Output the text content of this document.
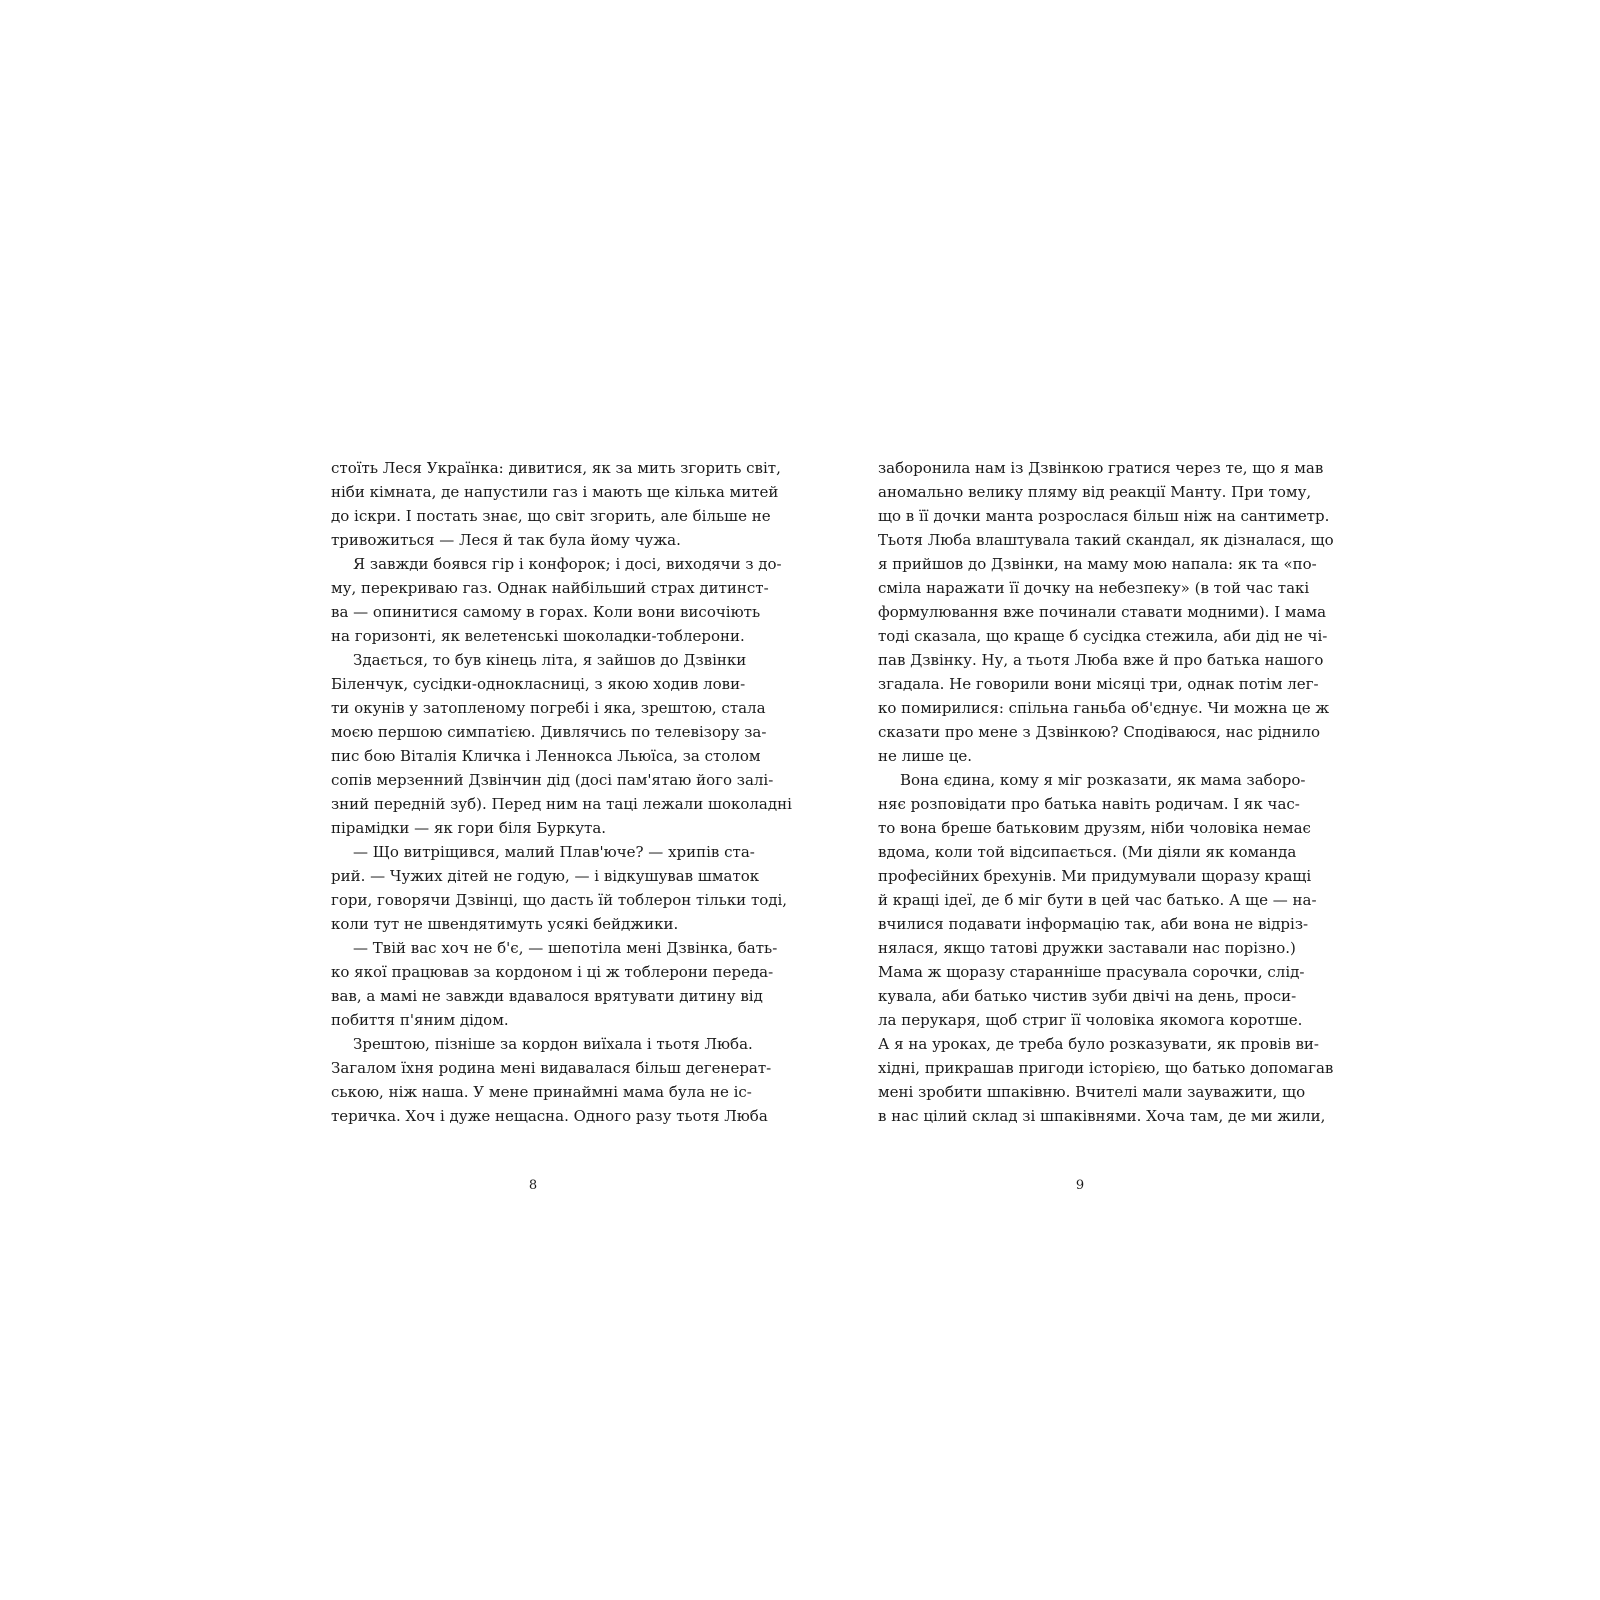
стоїть Леся Українка: дивитися, як за мить згорить світ,
ніби кімната, де напустили газ і мають ще кілька митей
до іскри. І постать знає, що світ згорить, але більше не
тривожиться — Леся й так була йому чужа.
Я завжди боявся гір і конфорок; і досі, виходячи з до-
му, перекриваю газ. Однак найбільший страх дитинст-
ва — опинитися самому в горах. Коли вони височіють
на горизонті, як велетенські шоколадки-тоблерони.
Здається, то був кінець літа, я зайшов до Дзвінки
Біленчук, сусідки-однокласниці, з якою ходив лови-
ти окунів у затопленому погребі і яка, зрештою, стала
моєю першою симпатією. Дивлячись по телевізору за-
пис бою Віталія Кличка і Леннокса Льюїса, за столом
сопів мерзенний Дзвінчин дід (досі пам'ятаю його залі-
зний передній зуб). Перед ним на таці лежали шоколадні
пірамідки — як гори біля Буркута.
— Що витріщився, малий Плав'юче? — хрипів ста-
рий. — Чужих дітей не годую, — і відкушував шматок
гори, говорячи Дзвінці, що дасть їй тоблерон тільки тоді,
коли тут не швендятимуть усякі бейджики.
— Твій вас хоч не б'є, — шепотіла мені Дзвінка, бать-
ко якої працював за кордоном і ці ж тоблерони переда-
вав, а мамі не завжди вдавалося врятувати дитину від
побиття п'яним дідом.
Зрештою, пізніше за кордон виїхала і тьотя Люба.
Загалом їхня родина мені видавалася більш дегенерат-
ською, ніж наша. У мене принаймні мама була не іс-
теричка. Хоч і дуже нещасна. Одного разу тьотя Люба
8
заборонила нам із Дзвінкою гратися через те, що я мав
аномально велику пляму від реакції Манту. При тому,
що в її дочки манта розрослася більш ніж на сантиметр.
Тьотя Люба влаштувала такий скандал, як дізналася, що
я прийшов до Дзвінки, на маму мою напала: як та «по-
сміла наражати її дочку на небезпеку» (в той час такі
формулювання вже починали ставати модними). І мама
тоді сказала, що краще б сусідка стежила, аби дід не чі-
пав Дзвінку. Ну, а тьотя Люба вже й про батька нашого
згадала. Не говорили вони місяці три, однак потім лег-
ко помирилися: спільна ганьба об'єднує. Чи можна це ж
сказати про мене з Дзвінкою? Сподіваюся, нас ріднило
не лише це.
Вона єдина, кому я міг розказати, як мама заборо-
няє розповідати про батька навіть родичам. І як час-
то вона бреше батьковим друзям, ніби чоловіка немає
вдома, коли той відсипається. (Ми діяли як команда
професійних брехунів. Ми придумували щоразу кращі
й кращі ідеї, де б міг бути в цей час батько. А ще — на-
вчилися подавати інформацію так, аби вона не відріз-
нялася, якщо татові дружки заставали нас порізно.)
Мама ж щоразу старанніше прасувала сорочки, слід-
кувала, аби батько чистив зуби двічі на день, проси-
ла перукаря, щоб стриг її чоловіка якомога коротше.
А я на уроках, де треба було розказувати, як провів ви-
хідні, прикрашав пригоди історією, що батько допомагав
мені зробити шпаківню. Вчителі мали зауважити, що
в нас цілий склад зі шпаківнями. Хоча там, де ми жили,
9
